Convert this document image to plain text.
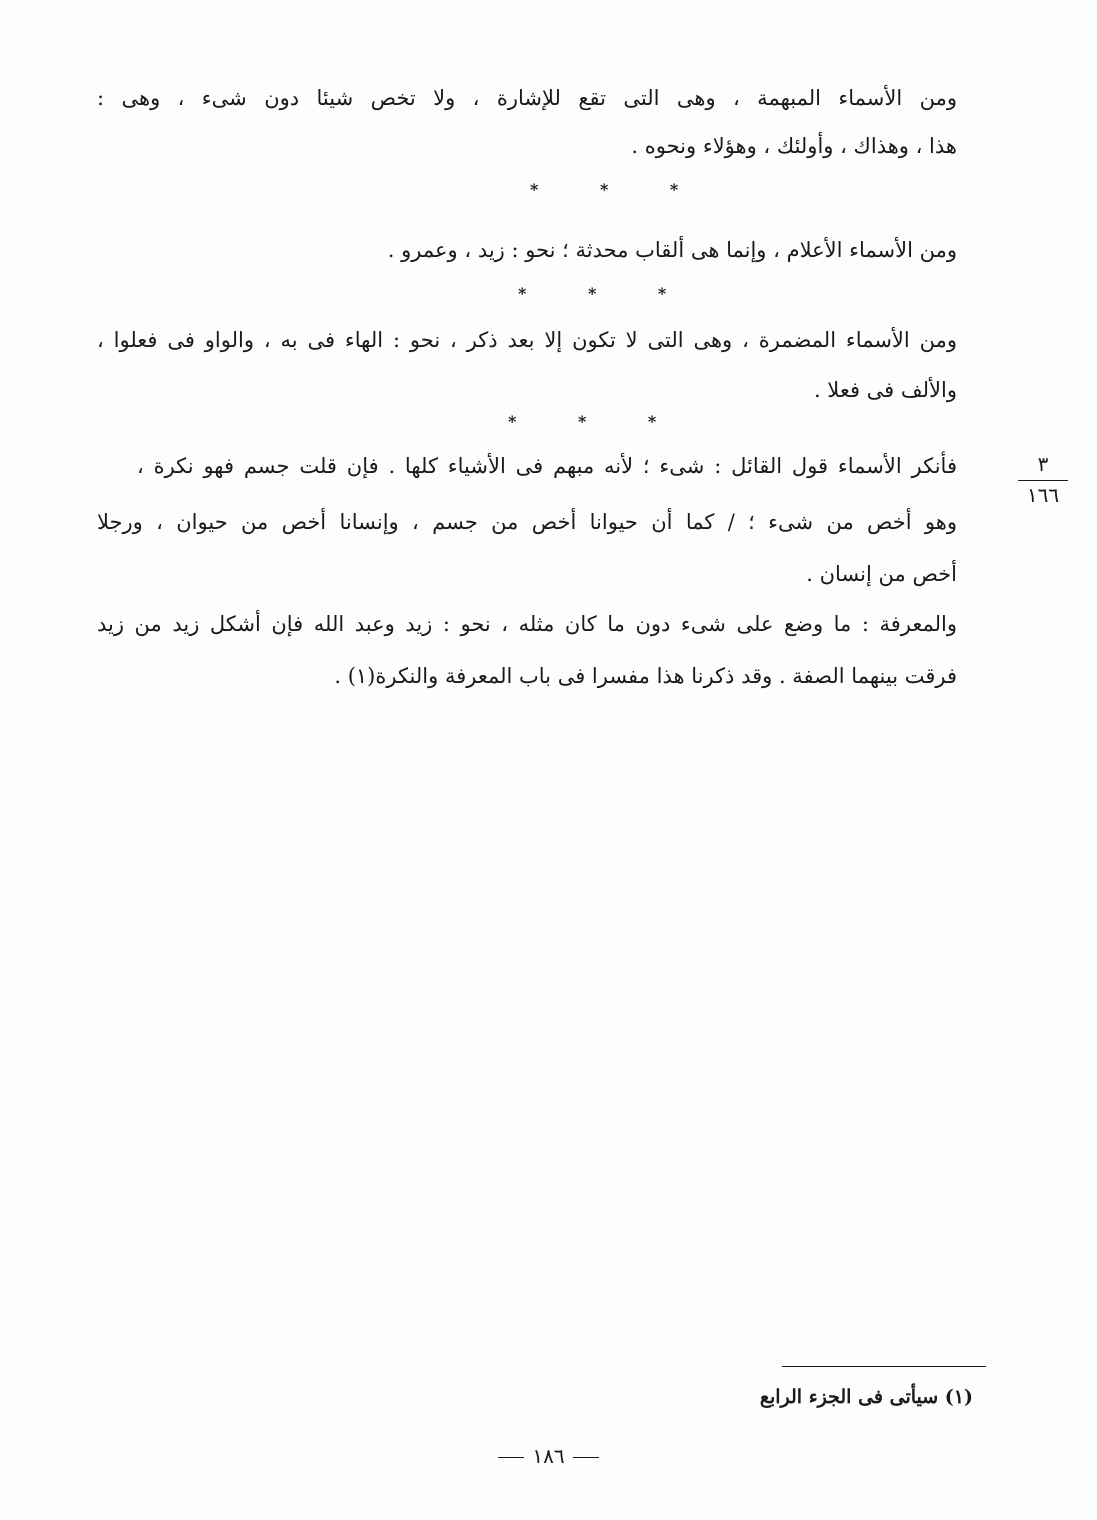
ومن الأسماء المبهمة ، وهى التى تقع للإشارة ، ولا تخص شيئا دون شىء ، وهى :
هذا ، وهذاك ، وأولئك ، وهؤلاء ونحوه .
* * *
ومن الأسماء الأعلام ، وإنما هى ألقاب محدثة ؛ نحو : زيد ، وعمرو .
* * *
ومن الأسماء المضمرة ، وهى التى لا تكون إلا بعد ذكر ، نحو : الهاء فى به ، والواو فى فعلوا ،
والألف فى فعلا .
* * *
٣
١٦٦
فأنكر الأسماء قول القائل : شىء ؛ لأنه مبهم فى الأشياء كلها . فإن قلت جسم فهو نكرة ،
وهو أخص من شىء ؛ / كما أن حيوانا أخص من جسم ، وإنسانا أخص من حيوان ، ورجلا
أخص من إنسان .
والمعرفة : ما وضع على شىء دون ما كان مثله ، نحو : زيد وعبد الله فإن أشكل زيد من زيد
فرقت بينهما الصفة . وقد ذكرنا هذا مفسرا فى باب المعرفة والنكرة(١) .
(١) سيأتى فى الجزء الرابع
١٨٦
